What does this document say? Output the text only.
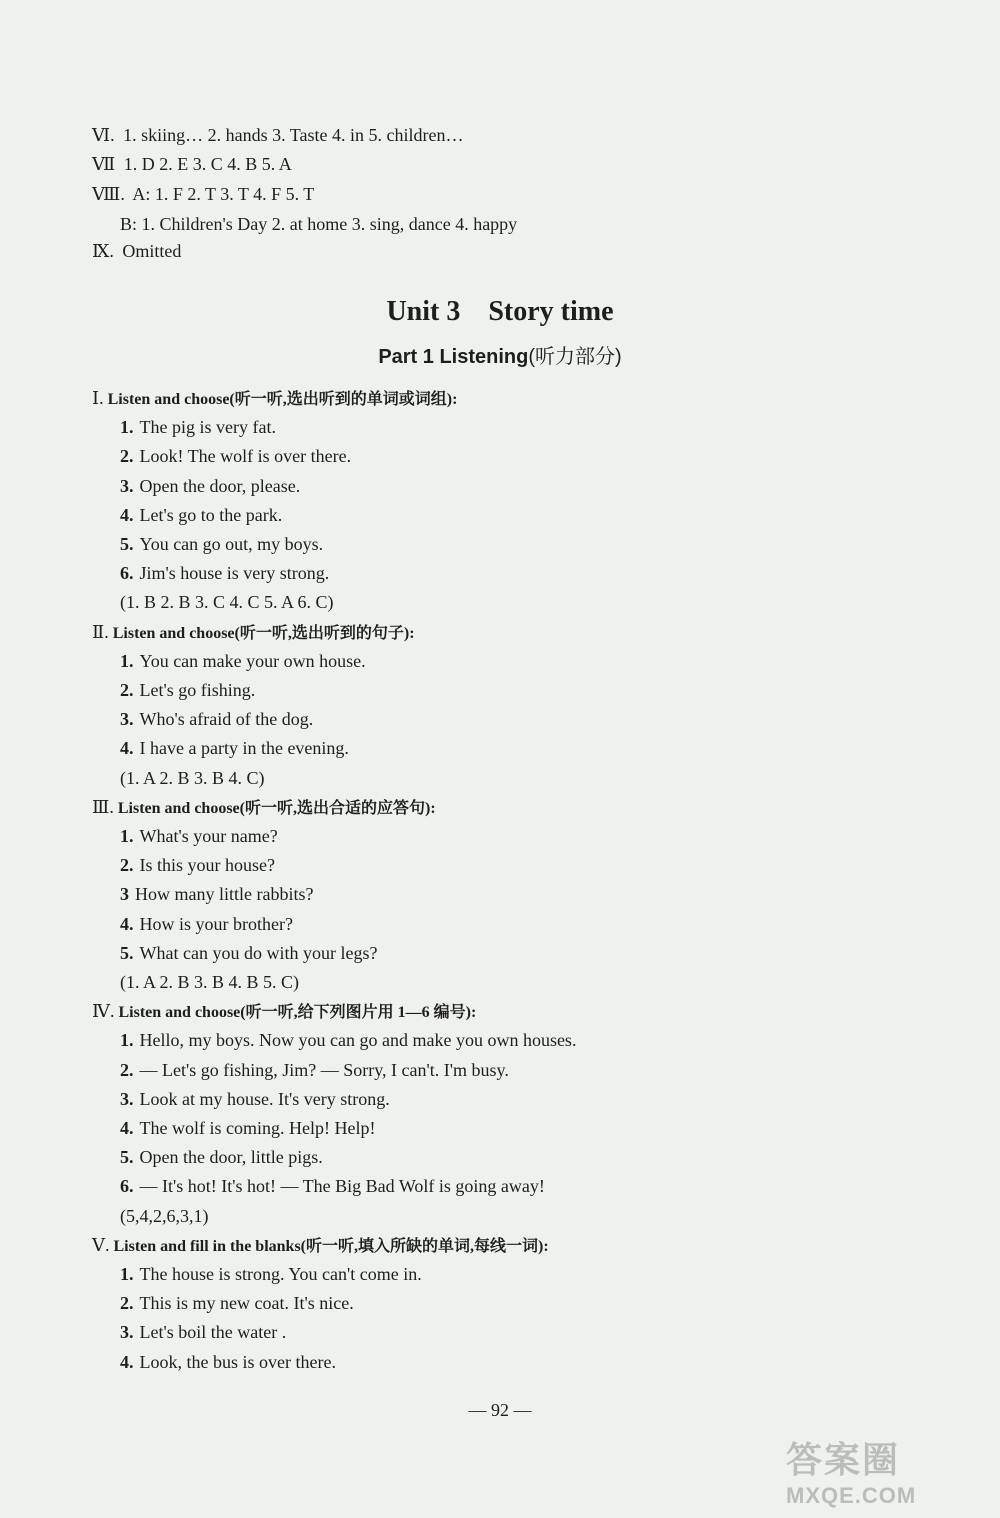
Ⅵ. 1. skiing… 2. hands 3. Taste 4. in 5. children…
Ⅶ 1. D 2. E 3. C 4. B 5. A
Ⅷ. A: 1. F 2. T 3. T 4. F 5. T
B: 1. Children's Day 2. at home 3. sing, dance 4. happy
Ⅸ. Omitted
Unit 3 Story time
Part 1 Listening(听力部分)
Ⅰ. Listen and choose(听一听,选出听到的单词或词组):
1. The pig is very fat.
2. Look! The wolf is over there.
3. Open the door, please.
4. Let's go to the park.
5. You can go out, my boys.
6. Jim's house is very strong.
(1. B 2. B 3. C 4. C 5. A 6. C)
Ⅱ. Listen and choose(听一听,选出听到的句子):
1. You can make your own house.
2. Let's go fishing.
3. Who's afraid of the dog.
4. I have a party in the evening.
(1. A 2. B 3. B 4. C)
Ⅲ. Listen and choose(听一听,选出合适的应答句):
1. What's your name?
2. Is this your house?
3 How many little rabbits?
4. How is your brother?
5. What can you do with your legs?
(1. A 2. B 3. B 4. B 5. C)
Ⅳ. Listen and choose(听一听,给下列图片用 1—6 编号):
1. Hello, my boys. Now you can go and make you own houses.
2. — Let's go fishing, Jim? — Sorry, I can't. I'm busy.
3. Look at my house. It's very strong.
4. The wolf is coming. Help! Help!
5. Open the door, little pigs.
6. — It's hot! It's hot! — The Big Bad Wolf is going away!
(5,4,2,6,3,1)
Ⅴ. Listen and fill in the blanks(听一听,填入所缺的单词,每线一词):
1. The house is strong. You can't come in.
2. This is my new coat. It's nice.
3. Let's boil the water .
4. Look, the bus is over there.
— 92 —
答案圈
MXQE.COM
